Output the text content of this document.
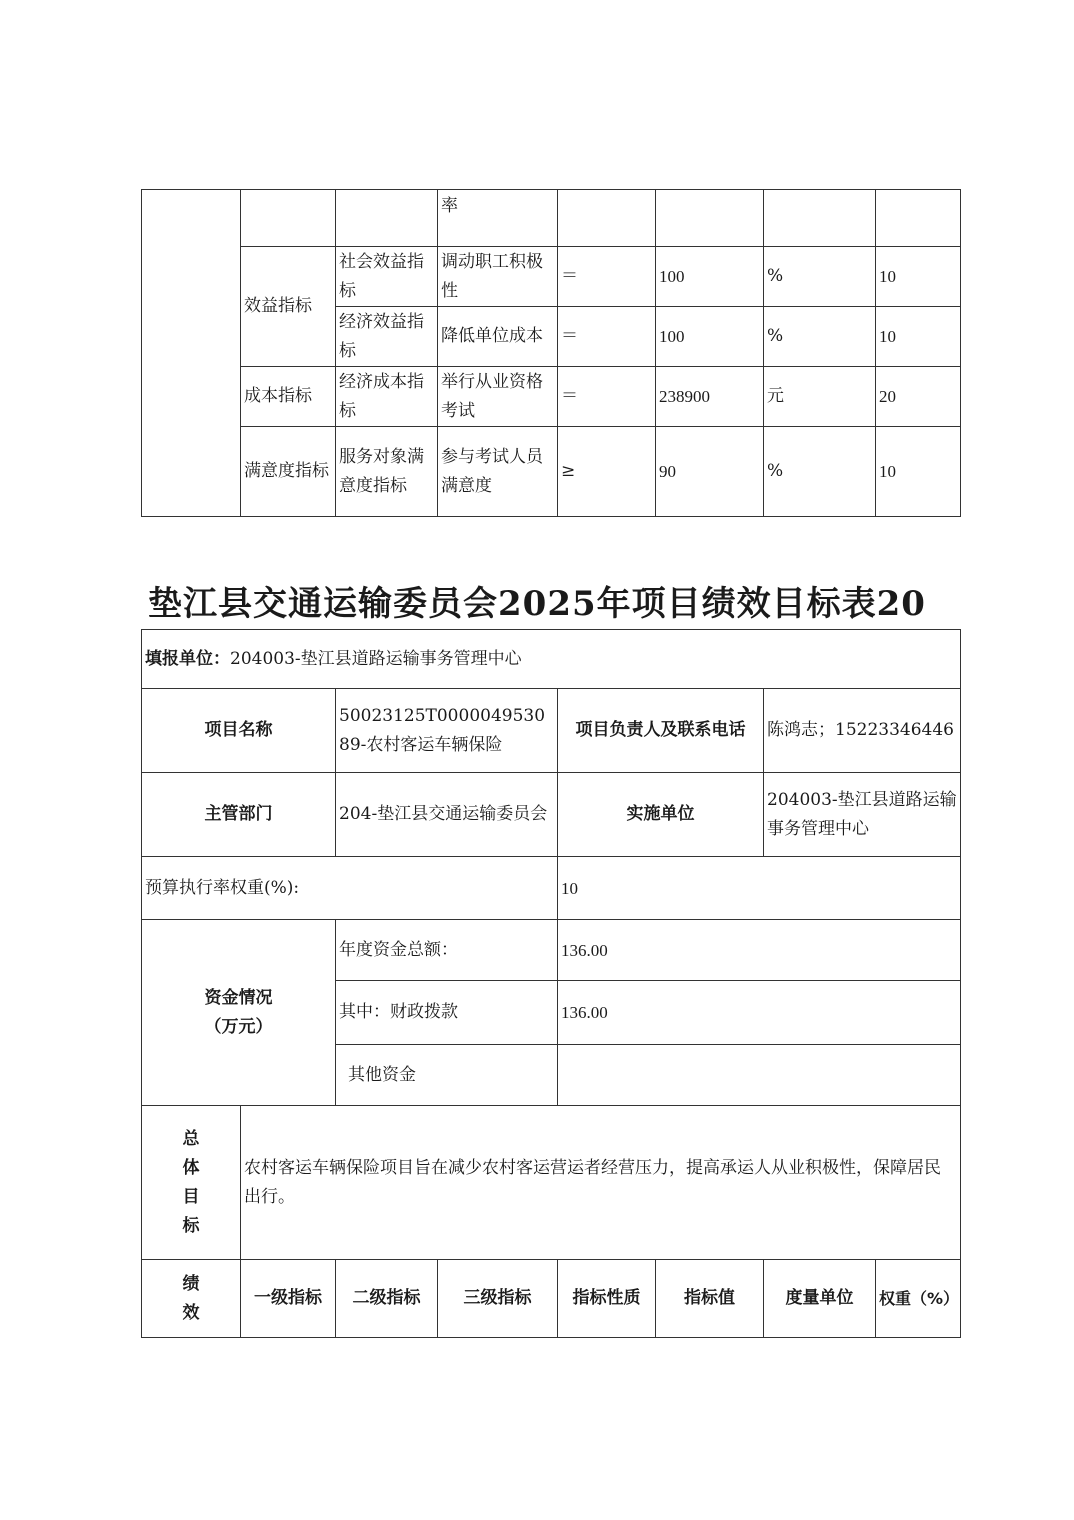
			率				
	效益指标	社会效益指标	调动职工积极性	＝	100	%	10
		经济效益指标	降低单位成本	＝	100	%	10
	成本指标	经济成本指标	举行从业资格考试	＝	238900	元	20
	满意度指标	服务对象满意度指标	参与考试人员满意度	≥	90	%	10
垫江县交通运输委员会2025年项目绩效目标表20
填报单位：204003-垫江县道路运输事务管理中心							
项目名称		50023125T000004953089-农村客运车辆保险		项目负责人及联系电话		陈鸿志；15223346446	
主管部门		204-垫江县交通运输委员会		实施单位		204003-垫江县道路运输事务管理中心	
预算执行率权重(%):				10			

资金情况
（万元）		年度资金总额：		136.00			
		其中：财政拨款		136.00			
		其他资金					

总
体
目
标	农村客运车辆保险项目旨在减少农村客运营运者经营压力，提高承运人从业积极性，保障居民出行。						

绩
效	一级指标	二级指标	三级指标	指标性质	指标值	度量单位	权重（%）
